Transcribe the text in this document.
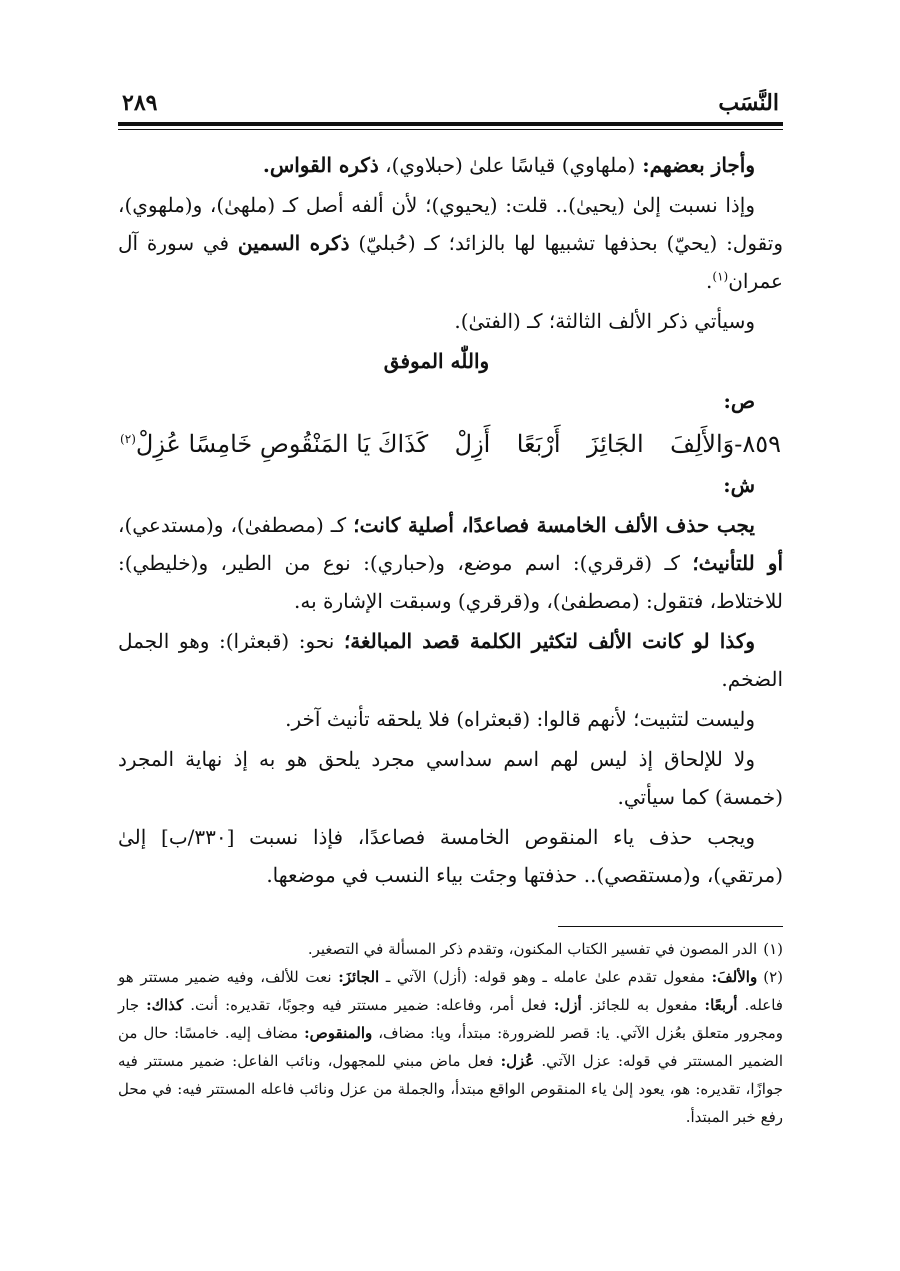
النَّسَب
٢٨٩

وأجاز بعضهم: (ملهاوي) قياسًا علىٰ (حبلاوي)، ذكره القواس.

وإذا نسبت إلىٰ (يحيىٰ).. قلت: (يحيوي)؛ لأن ألفه أصل كـ (ملهىٰ)، و(ملهوي)، وتقول: (يحيّ) بحذفها تشبيها لها بالزائد؛ كـ (حُبليّ) ذكره السمين في سورة آل عمران$^{(١)}$.

وسيأتي ذكر الألف الثالثة؛ كـ (الفتىٰ).

واللّٰه الموفق

ص:

٨٥٩-وَالأَلِفَ
الجَائِزَ
أَرْبَعًا
أَزِلْ
كَذَاكَ يَا المَنْقُوصِ خَامِسًا عُزِلْ$^{(٢)}$

ش:

يجب حذف الألف الخامسة فصاعدًا، أصلية كانت؛ كـ (مصطفىٰ)، و(مستدعي)، أو للتأنيث؛ كـ (قرقري): اسم موضع، و(حباري): نوع من الطير، و(خليطي): للاختلاط، فتقول: (مصطفىٰ)، و(قرقري) وسبقت الإشارة به.

وكذا لو كانت الألف لتكثير الكلمة قصد المبالغة؛ نحو: (قبعثرا): وهو الجمل الضخم.

وليست لتثبيت؛ لأنهم قالوا: (قبعثراه) فلا يلحقه تأنيث آخر.

ولا للإلحاق إذ ليس لهم اسم سداسي مجرد يلحق هو به إذ نهاية المجرد (خمسة) كما سيأتي.

ويجب حذف ياء المنقوص الخامسة فصاعدًا، فإذا نسبت [٣٣٠/ب] إلىٰ (مرتقي)، و(مستقصي).. حذفتها وجئت بياء النسب في موضعها.

(١)الدر المصون في تفسير الكتاب المكنون، وتقدم ذكر المسألة في التصغير.

(٢)والألفَ: مفعول تقدم علىٰ عامله ـ وهو قوله: (أزل) الآتي ـ الجائزَ: نعت للألف، وفيه ضمير مستتر هو فاعله. أربعًا: مفعول به للجائز. أزل: فعل أمر، وفاعله: ضمير مستتر فيه وجوبًا، تقديره: أنت. كذاك: جار ومجرور متعلق بعُزل الآتي. يا: قصر للضرورة: مبتدأ، ويا: مضاف، والمنقوص: مضاف إليه. خامسًا: حال من الضمير المستتر في قوله: عزل الآتي. عُزل: فعل ماض مبني للمجهول، ونائب الفاعل: ضمير مستتر فيه جوازًا، تقديره: هو، يعود إلىٰ ياء المنقوص الواقع مبتدأ، والجملة من عزل ونائب فاعله المستتر فيه: في محل رفع خبر المبتدأ.
